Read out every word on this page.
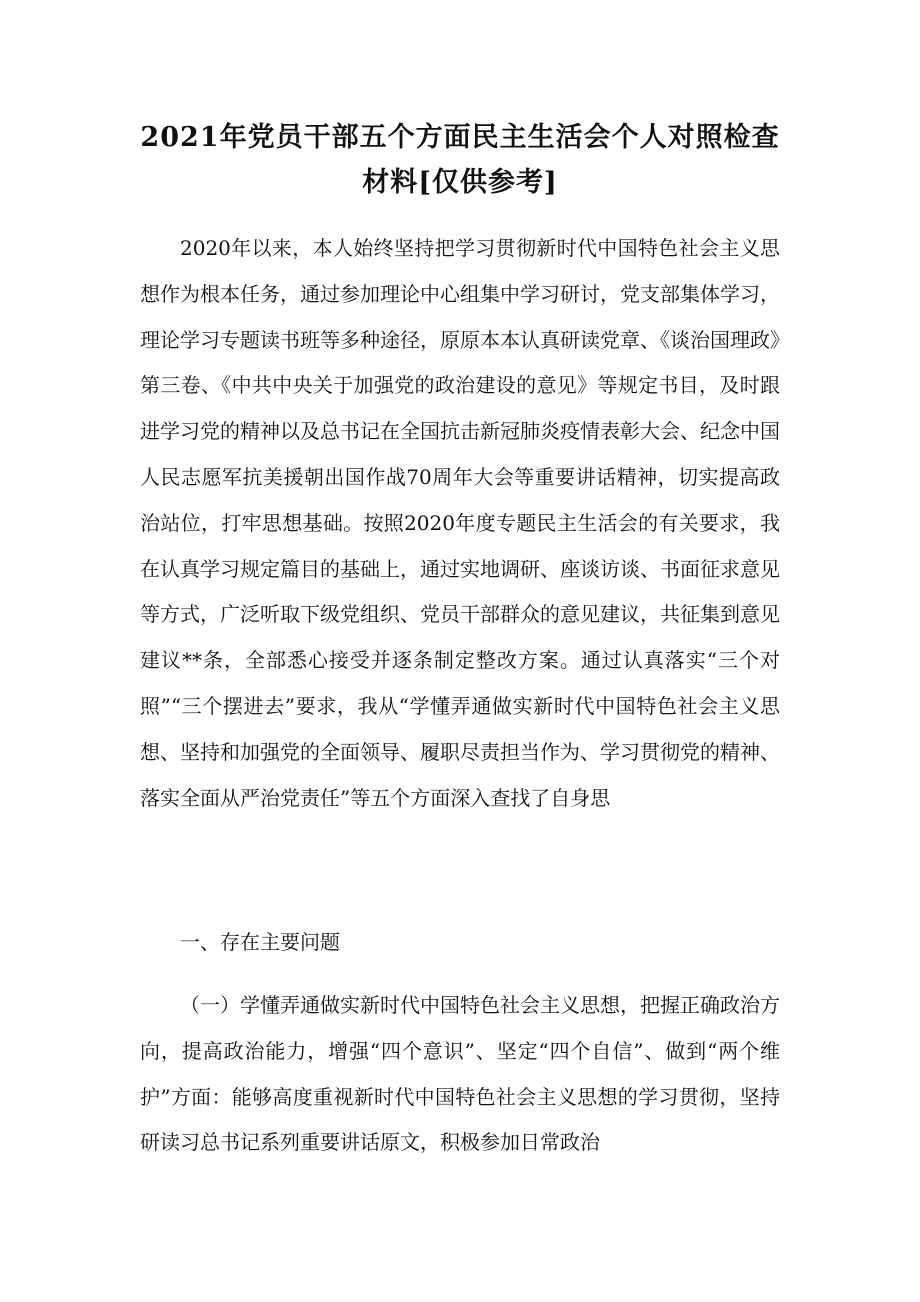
2021年党员干部五个方面民主生活会个人对照检查
材料[仅供参考]

2020年以来，本人始终坚持把学习贯彻新时代中国特色社会主义思想作为根本任务，通过参加理论中心组集中学习研讨，党支部集体学习，理论学习专题读书班等多种途径，原原本本认真研读党章、《谈治国理政》第三卷、《中共中央关于加强党的政治建设的意见》等规定书目，及时跟进学习党的精神以及总书记在全国抗击新冠肺炎疫情表彰大会、纪念中国人民志愿军抗美援朝出国作战70周年大会等重要讲话精神，切实提高政治站位，打牢思想基础。按照2020年度专题民主生活会的有关要求，我在认真学习规定篇目的基础上，通过实地调研、座谈访谈、书面征求意见等方式，广泛听取下级党组织、党员干部群众的意见建议，共征集到意见建议**条，全部悉心接受并逐条制定整改方案。通过认真落实“三个对照”“三个摆进去”要求，我从“学懂弄通做实新时代中国特色社会主义思想、坚持和加强党的全面领导、履职尽责担当作为、学习贯彻党的精神、落实全面从严治党责任”等五个方面深入查找了自身思

一、存在主要问题

（一）学懂弄通做实新时代中国特色社会主义思想，把握正确政治方向，提高政治能力，增强“四个意识”、坚定“四个自信”、做到“两个维护”方面：能够高度重视新时代中国特色社会主义思想的学习贯彻，坚持研读习总书记系列重要讲话原文，积极参加日常政治
